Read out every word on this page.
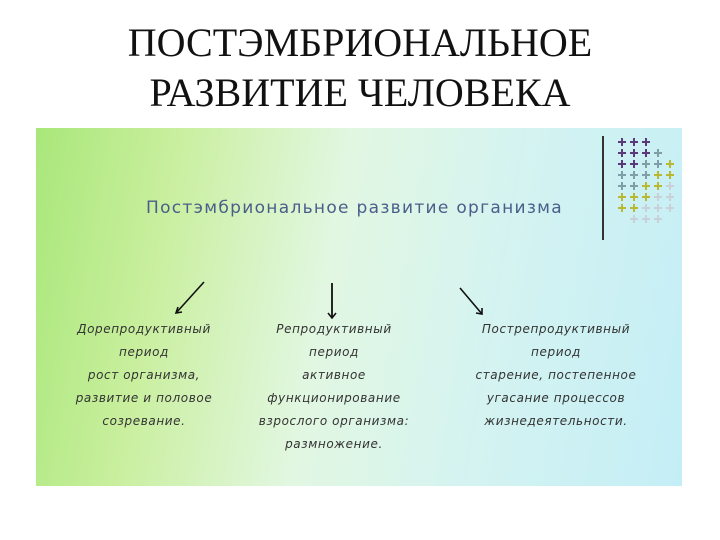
ПОСТЭМБРИОНАЛЬНОЕ
РАЗВИТИЕ ЧЕЛОВЕКА
Постэмбриональное развитие организма
Дорепродуктивный
период
рост организма,
развитие и половое
созревание.
Репродуктивный
период
активное
функционирование
взрослого организма:
размножение.
Пострепродуктивный
период
старение, постепенное
угасание процессов
жизнедеятельности.
